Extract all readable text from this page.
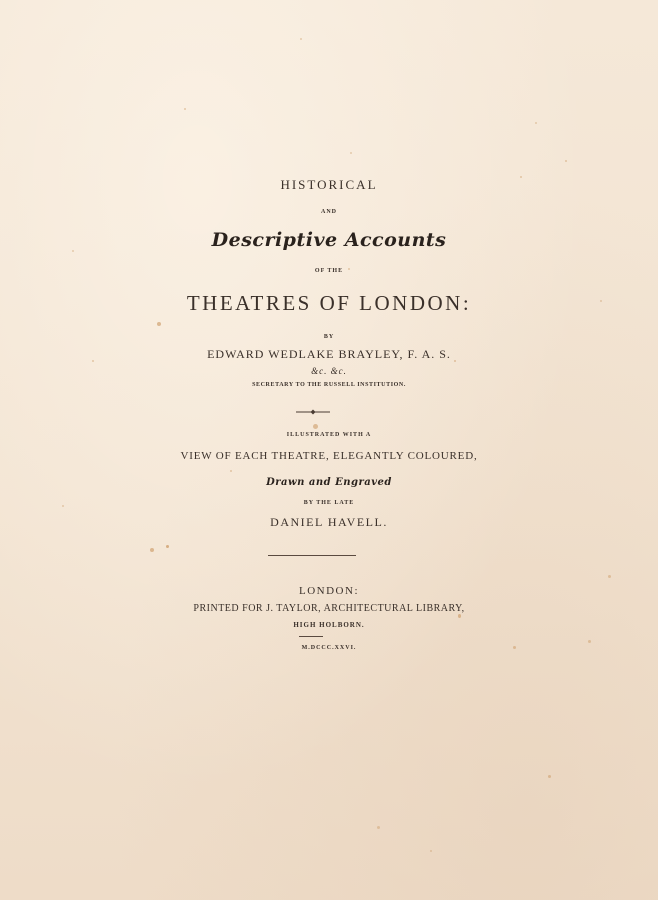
HISTORICAL
AND
Descriptive Accounts
OF THE
THEATRES OF LONDON:
BY
EDWARD WEDLAKE BRAYLEY, F. A. S.
&c. &c.
SECRETARY TO THE RUSSELL INSTITUTION.
ILLUSTRATED WITH A
VIEW OF EACH THEATRE, ELEGANTLY COLOURED,
Drawn and Engraved
BY THE LATE
DANIEL HAVELL.
LONDON:
PRINTED FOR J. TAYLOR, ARCHITECTURAL LIBRARY,
HIGH HOLBORN.
M.DCCC.XXVI.
